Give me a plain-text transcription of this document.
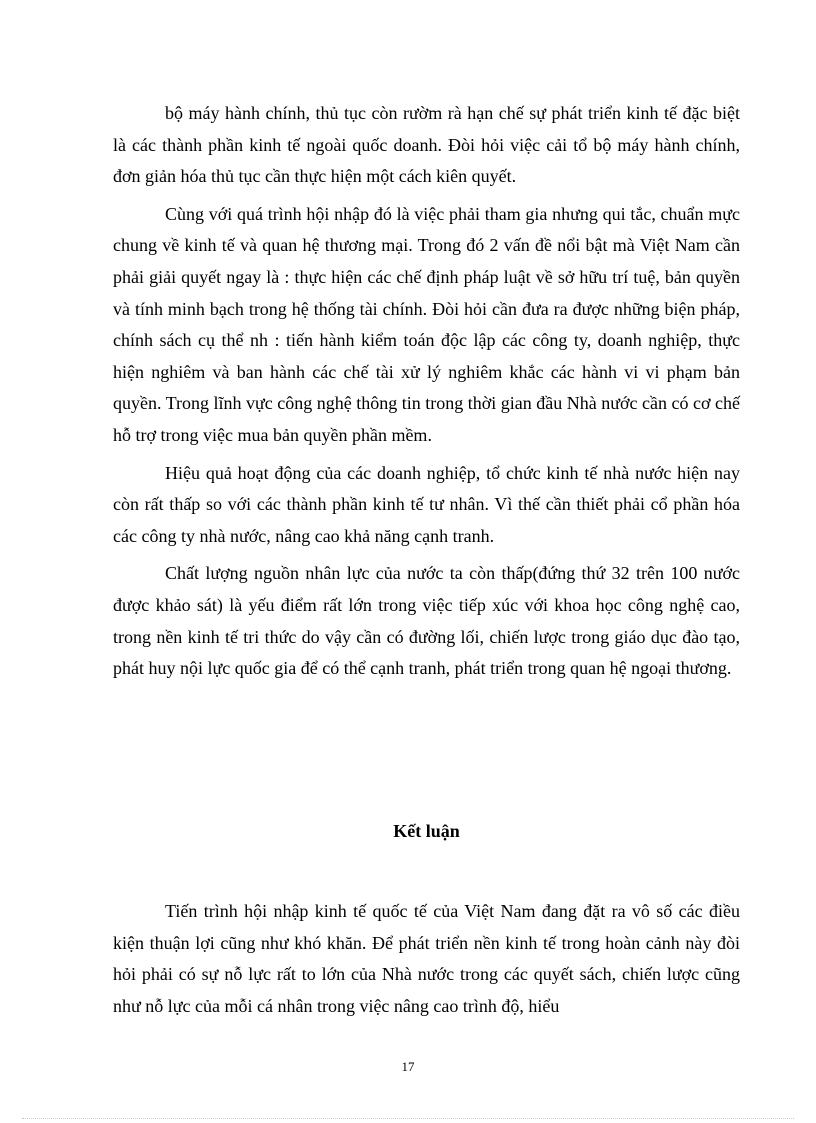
bộ máy hành chính, thủ tục còn rườm rà hạn chế sự phát triển kinh tế đặc biệt là các thành phần kinh tế ngoài quốc doanh. Đòi hỏi việc cải tổ bộ máy hành chính, đơn giản hóa thủ tục cần thực hiện một cách kiên quyết.

Cùng với quá trình hội nhập đó là việc phải tham gia nhưng qui tắc, chuẩn mực chung về kinh tế và quan hệ thương mại. Trong đó 2 vấn đề nổi bật mà Việt Nam cần phải giải quyết ngay là : thực hiện các chế định pháp luật về sở hữu trí tuệ, bản quyền và tính minh bạch trong hệ thống tài chính. Đòi hỏi cần đưa ra được những biện pháp, chính sách cụ thể nh : tiến hành kiểm toán độc lập các công ty, doanh nghiệp, thực hiện nghiêm và ban hành các chế tài xử lý nghiêm khắc các hành vi vi phạm bản quyền. Trong lĩnh vực công nghệ thông tin trong thời gian đầu Nhà nước cần có cơ chế hỗ trợ trong việc mua bản quyền phần mềm.

Hiệu quả hoạt động của các doanh nghiệp, tổ chức kinh tế nhà nước hiện nay còn rất thấp so với các thành phần kinh tế tư nhân. Vì thế cần thiết phải cổ phần hóa các công ty nhà nước, nâng cao khả năng cạnh tranh.

Chất lượng nguồn nhân lực của nước ta còn thấp(đứng thứ 32 trên 100 nước được khảo sát) là yếu điểm rất lớn trong việc tiếp xúc với khoa học công nghệ cao, trong nền kinh tế tri thức do vậy cần có đường lối, chiến lược trong giáo dục đào tạo, phát huy nội lực quốc gia để có thể cạnh tranh, phát triển trong quan hệ ngoại thương.

Kết luận

Tiến trình hội nhập kinh tế quốc tế của Việt Nam đang đặt ra vô số các điều kiện thuận lợi cũng như khó khăn. Để phát triển nền kinh tế trong hoàn cảnh này đòi hỏi phải có sự nỗ lực rất to lớn của Nhà nước trong các quyết sách, chiến lược cũng như nỗ lực của mỗi cá nhân trong việc nâng cao trình độ, hiểu

17
